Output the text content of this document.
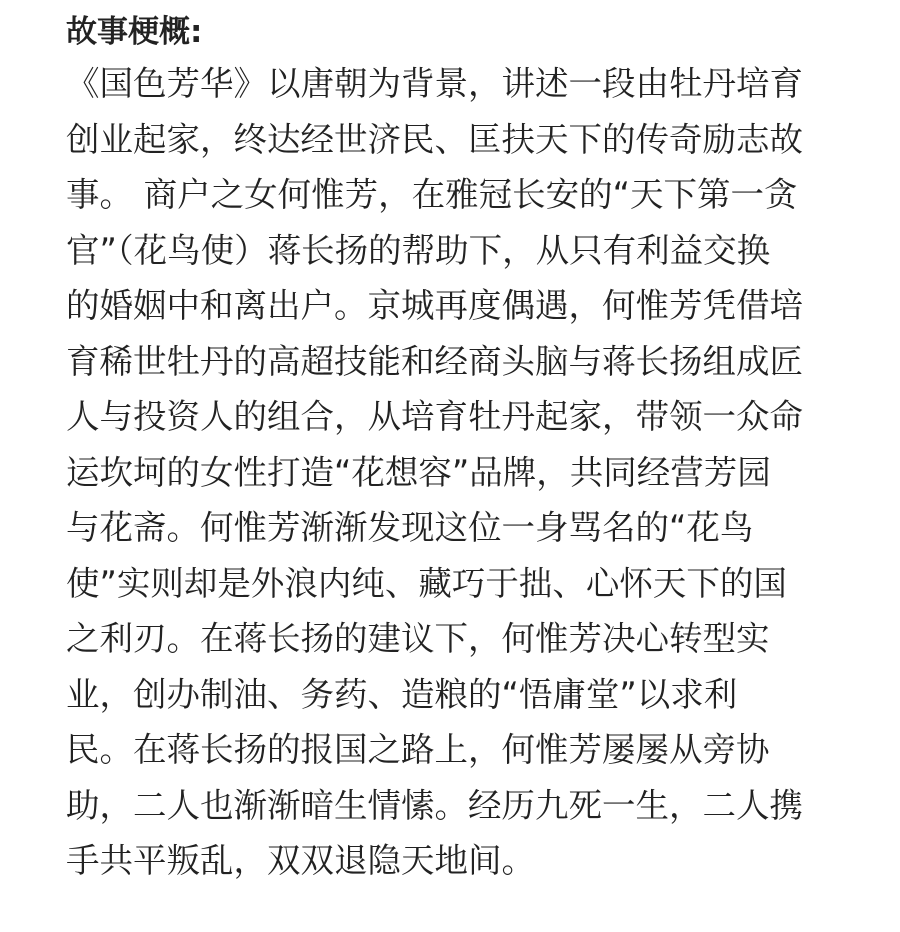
故事梗概:
《国色芳华》以唐朝为背景，讲述一段由牡丹培育
创业起家，终达经世济民、匡扶天下的传奇励志故
事。 商户之女何惟芳，在雅冠长安的“天下第一贪
官”（花鸟使）蒋长扬的帮助下，从只有利益交换
的婚姻中和离出户。京城再度偶遇，何惟芳凭借培
育稀世牡丹的高超技能和经商头脑与蒋长扬组成匠
人与投资人的组合，从培育牡丹起家，带领一众命
运坎坷的女性打造“花想容”品牌，共同经营芳园
与花斋。何惟芳渐渐发现这位一身骂名的“花鸟
使”实则却是外浪内纯、藏巧于拙、心怀天下的国
之利刃。在蒋长扬的建议下，何惟芳决心转型实
业，创办制油、务药、造粮的“悟庸堂”以求利
民。在蒋长扬的报国之路上，何惟芳屡屡从旁协
助，二人也渐渐暗生情愫。经历九死一生，二人携
手共平叛乱，双双退隐天地间。
